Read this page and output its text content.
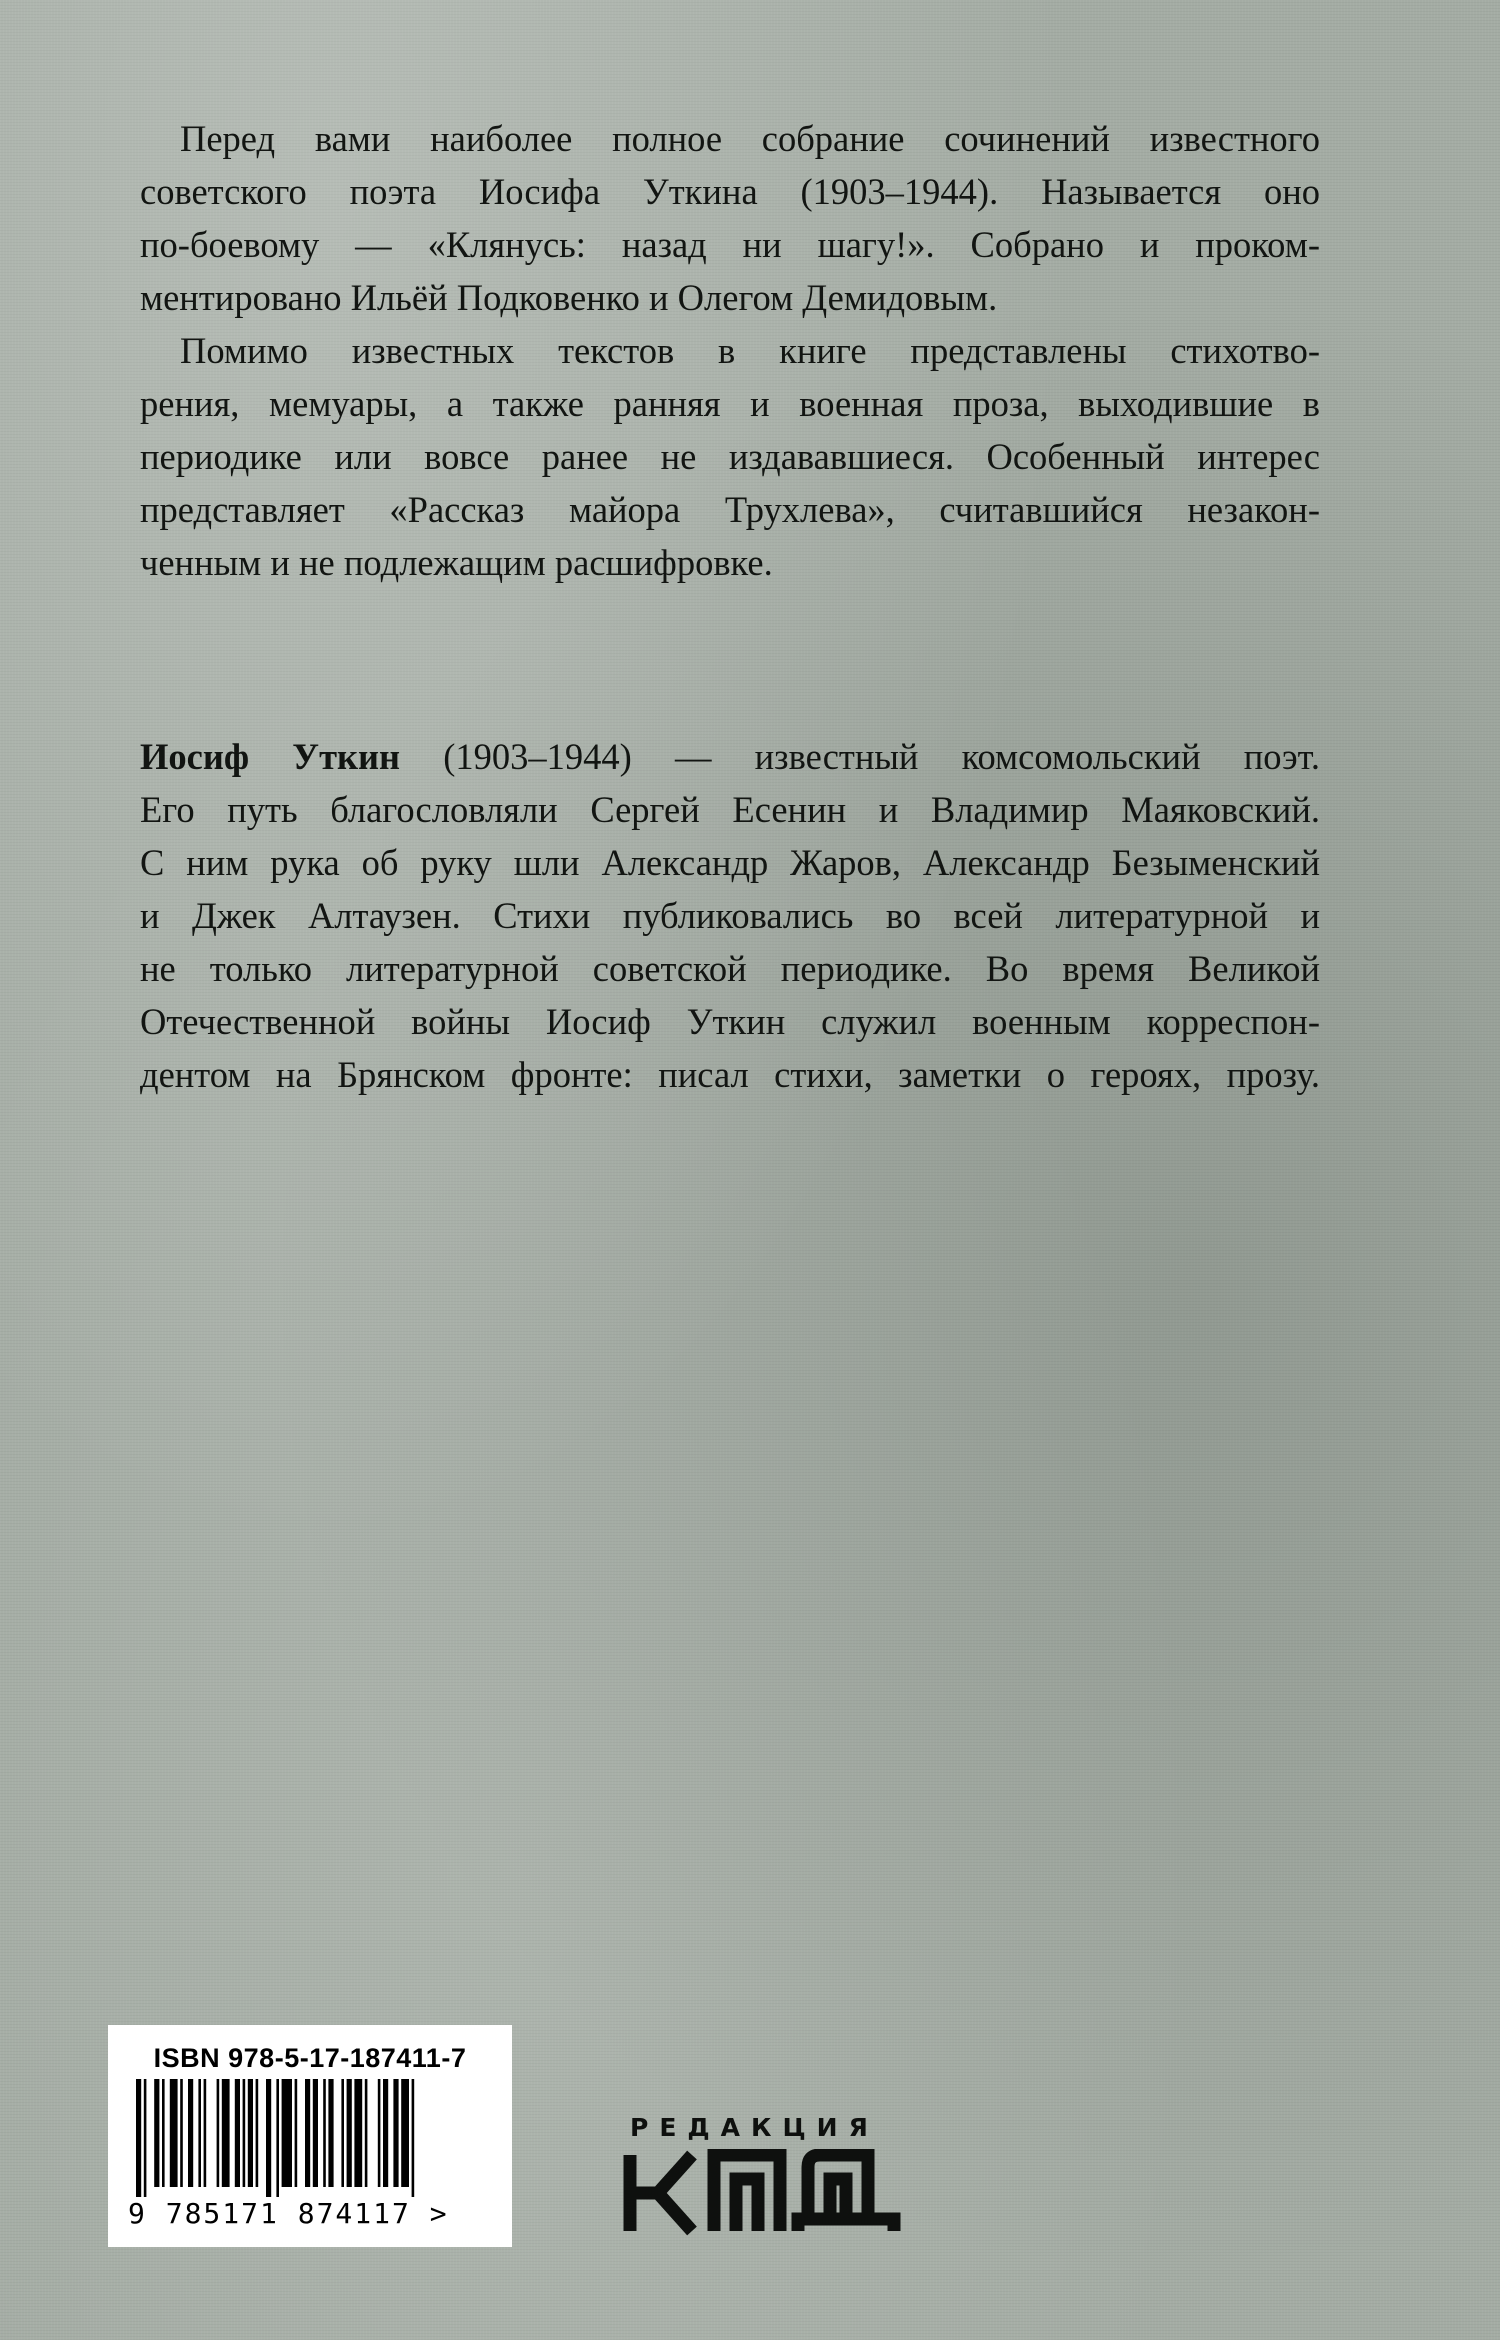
Перед вами наиболее полное собрание сочинений известного
советского поэта Иосифа Уткина (1903–1944). Называется оно
по-боевому — «Клянусь: назад ни шагу!». Собрано и проком-
ментировано Ильёй Подковенко и Олегом Демидовым.
Помимо известных текстов в книге представлены стихотво-
рения, мемуары, а также ранняя и военная проза, выходившие в
периодике или вовсе ранее не издававшиеся. Особенный интерес
представляет «Рассказ майора Трухлева», считавшийся незакон-
ченным и не подлежащим расшифровке.
Иосиф Уткин (1903–1944) — известный комсомольский поэт.
Его путь благословляли Сергей Есенин и Владимир Маяковский.
С ним рука об руку шли Александр Жаров, Александр Безыменский
и Джек Алтаузен. Стихи публиковались во всей литературной и
не только литературной советской периодике. Во время Великой
Отечественной войны Иосиф Уткин служил военным корреспон-
дентом на Брянском фронте: писал стихи, заметки о героях, прозу.
ISBN 978-5-17-187411-7
9 785171 874117 >
РЕДАКЦИЯ
